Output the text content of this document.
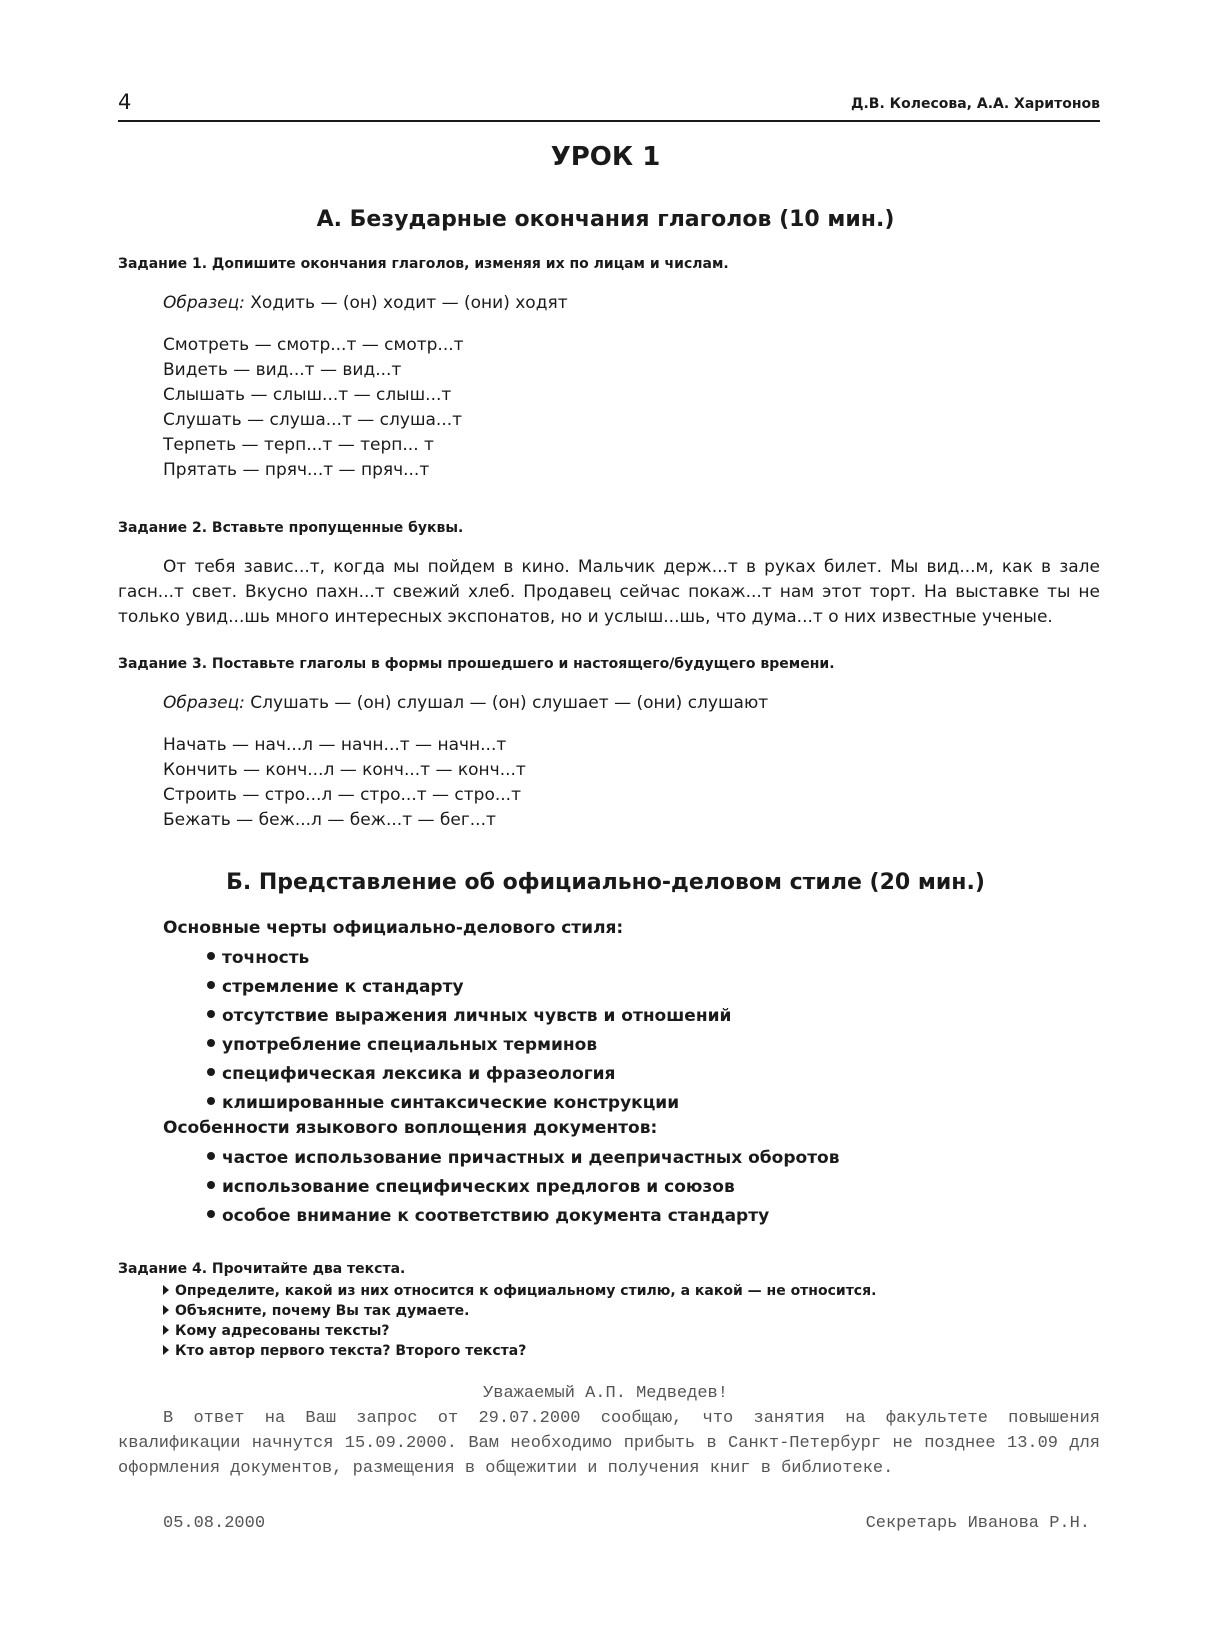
4	Д.В. Колесова, А.А. Харитонов
УРОК 1
А. Безударные окончания глаголов (10 мин.)

Задание 1. Допишите окончания глаголов, изменяя их по лицам и числам.

Образец: Ходить — (он) ходит — (они) ходят

Смотреть — смотр...т — смотр...т

Видеть — вид...т — вид...т

Слышать — слыш...т — слыш...т

Слушать — слуша...т — слуша...т

Терпеть — терп...т — терп... т

Прятать — пряч...т — пряч...т

Задание 2. Вставьте пропущенные буквы.

От тебя завис...т, когда мы пойдем в кино. Мальчик держ...т в руках билет. Мы вид...м, как в зале гасн...т свет. Вкусно пахн...т свежий хлеб. Продавец сейчас покаж...т нам этот торт. На выставке ты не только увид...шь много интересных экспонатов, но и услыш...шь, что дума...т о них известные ученые.

Задание 3. Поставьте глаголы в формы прошедшего и настоящего/будущего времени.

Образец: Слушать — (он) слушал — (он) слушает — (они) слушают

Начать — нач...л — начн...т — начн...т

Кончить — конч...л — конч...т — конч...т

Строить — стро...л — стро...т — стро...т

Бежать — беж...л — беж...т — бег...т

Б. Представление об официально-деловом стиле (20 мин.)

Основные черты официально-делового стиля:

точность
стремление к стандарту
отсутствие выражения личных чувств и отношений
употребление специальных терминов
специфическая лексика и фразеология
клишированные синтаксические конструкции

Особенности языкового воплощения документов:

частое использование причастных и деепричастных оборотов
использование специфических предлогов и союзов
особое внимание к соответствию документа стандарту

Задание 4. Прочитайте два текста.

Определите, какой из них относится к официальному стилю, а какой — не относится.
Объясните, почему Вы так думаете.
Кому адресованы тексты?
Кто автор первого текста? Второго текста?

Уважаемый А.П. Медведев!

В ответ на Ваш запрос от 29.07.2000 сообщаю, что занятия на факультете повышения квалификации начнутся 15.09.2000. Вам необходимо прибыть в Санкт-Петербург не позднее 13.09 для оформления документов, размещения в общежитии и получения книг в библиотеке.

05.08.2000	Секретарь Иванова Р.Н.
